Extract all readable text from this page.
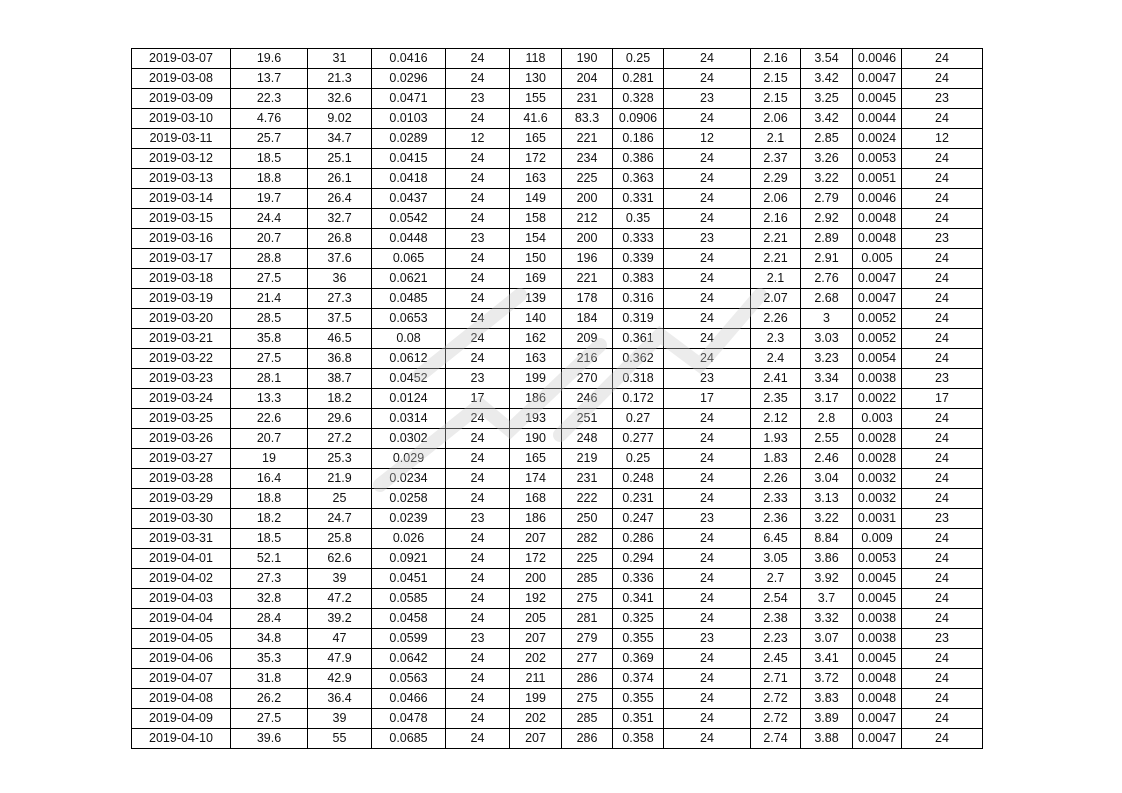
2019-03-07	19.6	31	0.0416	24	118	190	0.25	24	2.16	3.54	0.0046	24
2019-03-08	13.7	21.3	0.0296	24	130	204	0.281	24	2.15	3.42	0.0047	24
2019-03-09	22.3	32.6	0.0471	23	155	231	0.328	23	2.15	3.25	0.0045	23
2019-03-10	4.76	9.02	0.0103	24	41.6	83.3	0.0906	24	2.06	3.42	0.0044	24
2019-03-11	25.7	34.7	0.0289	12	165	221	0.186	12	2.1	2.85	0.0024	12
2019-03-12	18.5	25.1	0.0415	24	172	234	0.386	24	2.37	3.26	0.0053	24
2019-03-13	18.8	26.1	0.0418	24	163	225	0.363	24	2.29	3.22	0.0051	24
2019-03-14	19.7	26.4	0.0437	24	149	200	0.331	24	2.06	2.79	0.0046	24
2019-03-15	24.4	32.7	0.0542	24	158	212	0.35	24	2.16	2.92	0.0048	24
2019-03-16	20.7	26.8	0.0448	23	154	200	0.333	23	2.21	2.89	0.0048	23
2019-03-17	28.8	37.6	0.065	24	150	196	0.339	24	2.21	2.91	0.005	24
2019-03-18	27.5	36	0.0621	24	169	221	0.383	24	2.1	2.76	0.0047	24
2019-03-19	21.4	27.3	0.0485	24	139	178	0.316	24	2.07	2.68	0.0047	24
2019-03-20	28.5	37.5	0.0653	24	140	184	0.319	24	2.26	3	0.0052	24
2019-03-21	35.8	46.5	0.08	24	162	209	0.361	24	2.3	3.03	0.0052	24
2019-03-22	27.5	36.8	0.0612	24	163	216	0.362	24	2.4	3.23	0.0054	24
2019-03-23	28.1	38.7	0.0452	23	199	270	0.318	23	2.41	3.34	0.0038	23
2019-03-24	13.3	18.2	0.0124	17	186	246	0.172	17	2.35	3.17	0.0022	17
2019-03-25	22.6	29.6	0.0314	24	193	251	0.27	24	2.12	2.8	0.003	24
2019-03-26	20.7	27.2	0.0302	24	190	248	0.277	24	1.93	2.55	0.0028	24
2019-03-27	19	25.3	0.029	24	165	219	0.25	24	1.83	2.46	0.0028	24
2019-03-28	16.4	21.9	0.0234	24	174	231	0.248	24	2.26	3.04	0.0032	24
2019-03-29	18.8	25	0.0258	24	168	222	0.231	24	2.33	3.13	0.0032	24
2019-03-30	18.2	24.7	0.0239	23	186	250	0.247	23	2.36	3.22	0.0031	23
2019-03-31	18.5	25.8	0.026	24	207	282	0.286	24	6.45	8.84	0.009	24
2019-04-01	52.1	62.6	0.0921	24	172	225	0.294	24	3.05	3.86	0.0053	24
2019-04-02	27.3	39	0.0451	24	200	285	0.336	24	2.7	3.92	0.0045	24
2019-04-03	32.8	47.2	0.0585	24	192	275	0.341	24	2.54	3.7	0.0045	24
2019-04-04	28.4	39.2	0.0458	24	205	281	0.325	24	2.38	3.32	0.0038	24
2019-04-05	34.8	47	0.0599	23	207	279	0.355	23	2.23	3.07	0.0038	23
2019-04-06	35.3	47.9	0.0642	24	202	277	0.369	24	2.45	3.41	0.0045	24
2019-04-07	31.8	42.9	0.0563	24	211	286	0.374	24	2.71	3.72	0.0048	24
2019-04-08	26.2	36.4	0.0466	24	199	275	0.355	24	2.72	3.83	0.0048	24
2019-04-09	27.5	39	0.0478	24	202	285	0.351	24	2.72	3.89	0.0047	24
2019-04-10	39.6	55	0.0685	24	207	286	0.358	24	2.74	3.88	0.0047	24
